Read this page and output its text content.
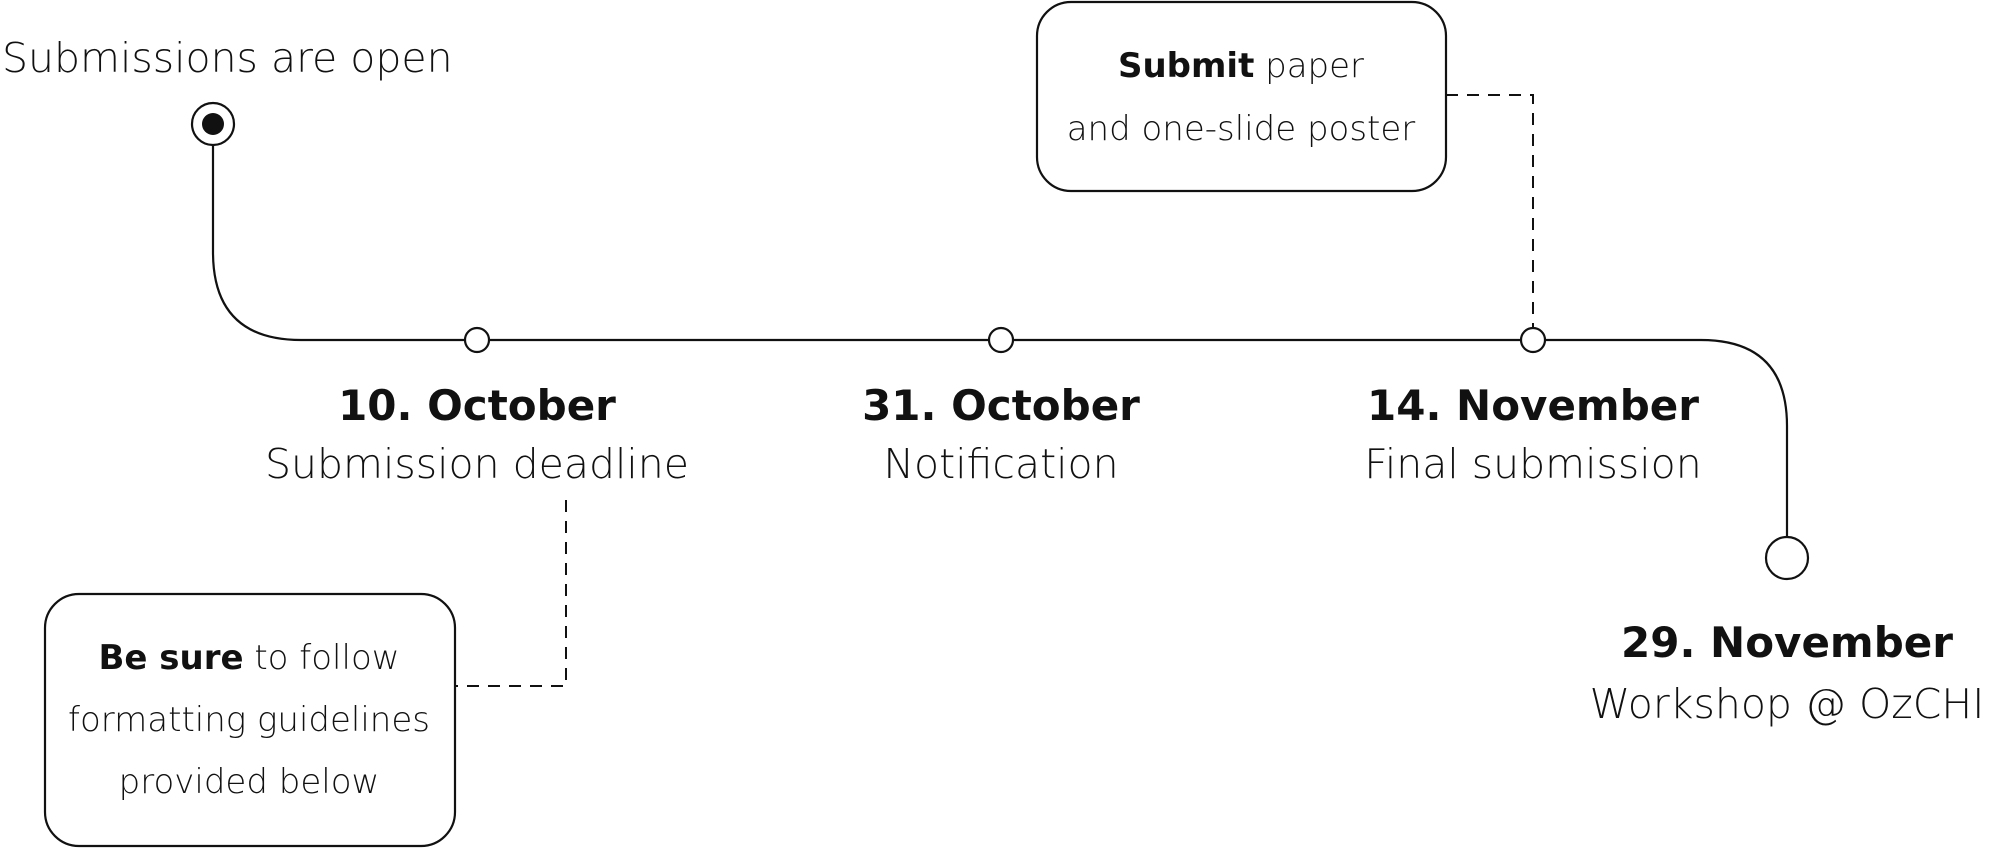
Submissions are open
10. October
Submission deadline
31. October
Notification
14. November
Final submission
29. November
Workshop @ OzCHI
Submit paper
and one-slide poster
Be sure to follow
formatting guidelines
provided below
